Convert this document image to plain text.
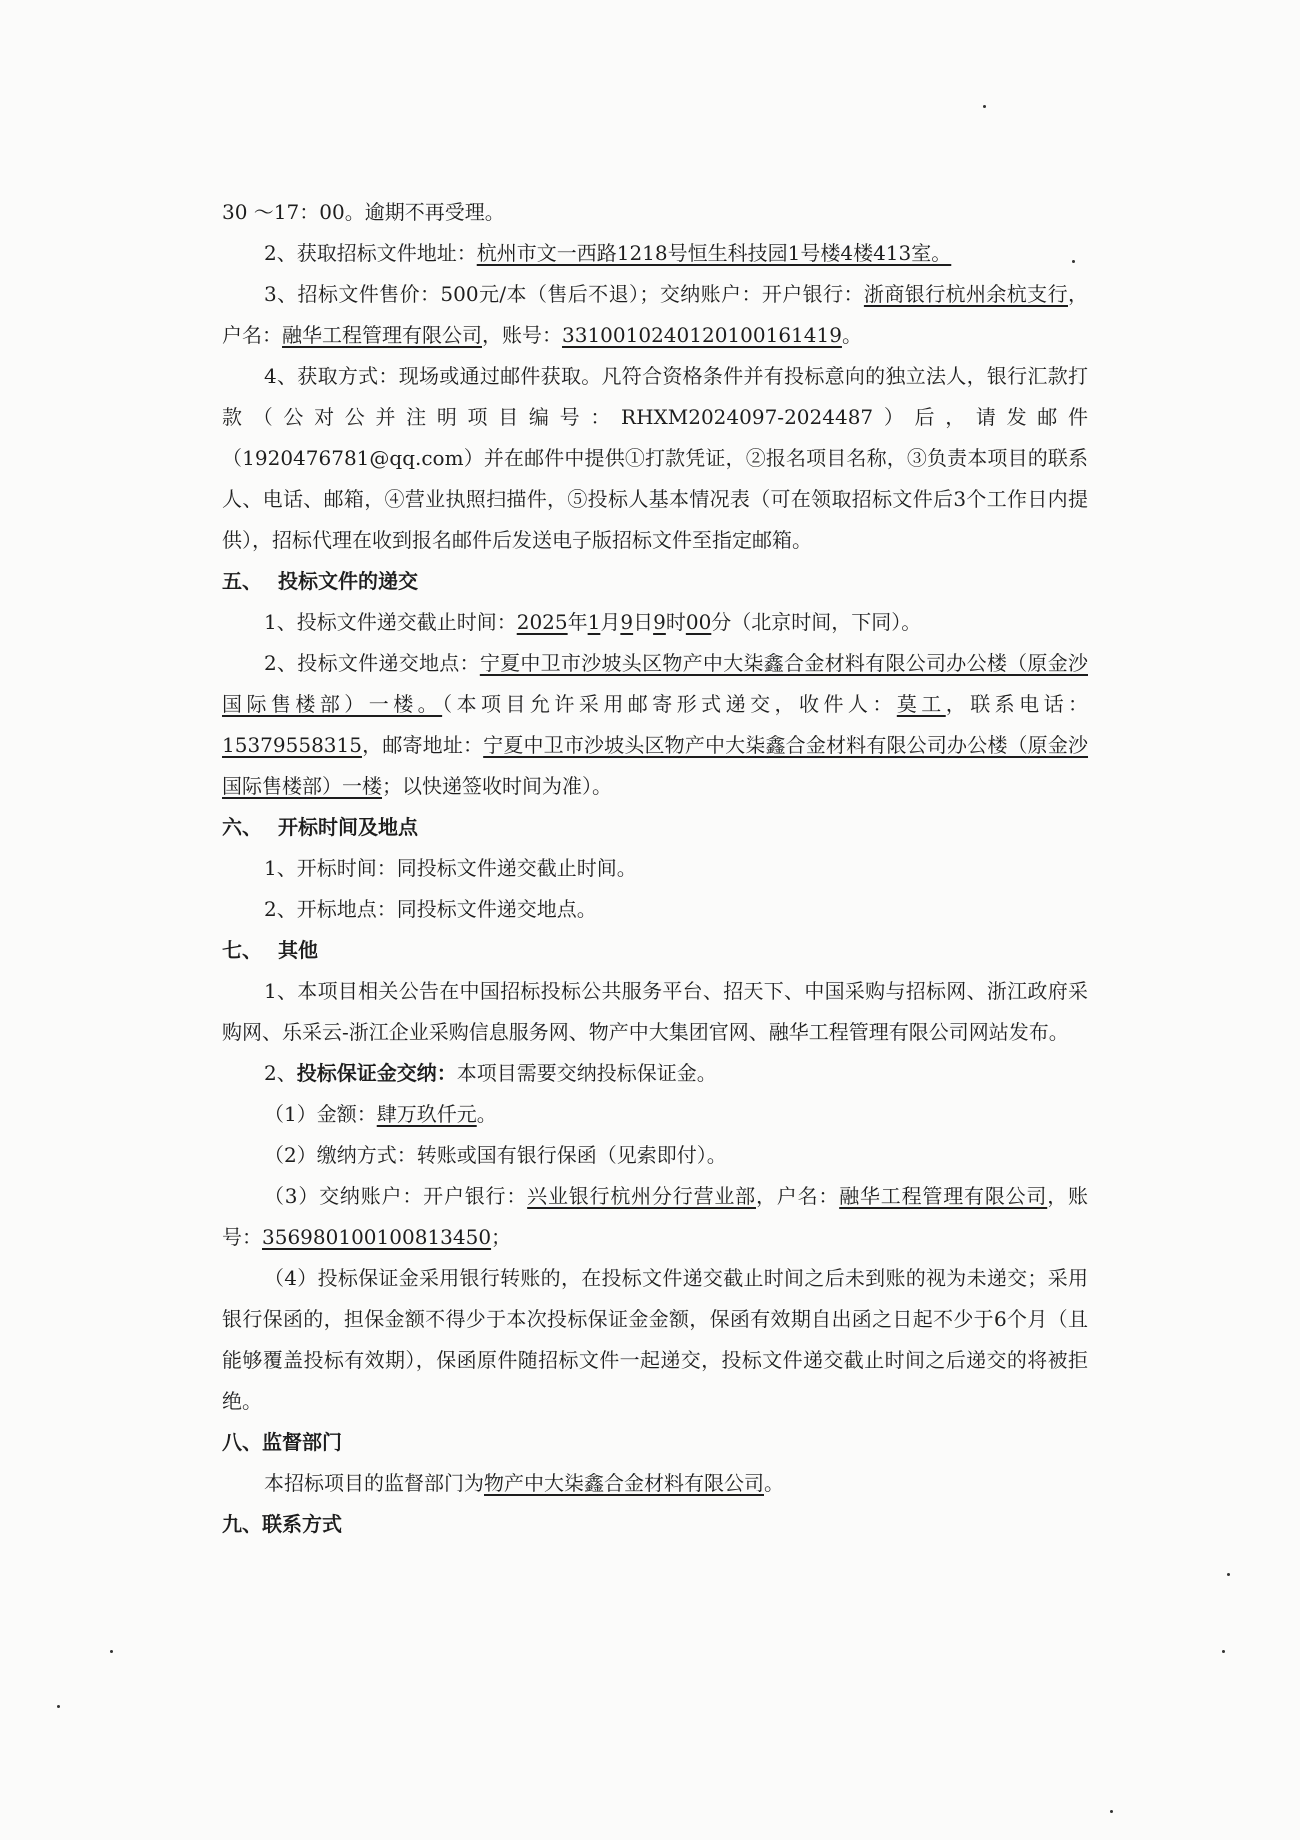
30 ～17：00。逾期不再受理。

2、获取招标文件地址：杭州市文一西路1218号恒生科技园1号楼4楼413室。

3、招标文件售价：500元/本（售后不退）；交纳账户：开户银行：浙商银行杭州余杭支行，户名：融华工程管理有限公司，账号：3310010240120100161419。

4、获取方式：现场或通过邮件获取。凡符合资格条件并有投标意向的独立法人，银行汇款打款（公对公并注明项目编号：RHXM2024097-2024487）后，请发邮件（1920476781@qq.com）并在邮件中提供①打款凭证，②报名项目名称，③负责本项目的联系人、电话、邮箱，④营业执照扫描件，⑤投标人基本情况表（可在领取招标文件后3个工作日内提供），招标代理在收到报名邮件后发送电子版招标文件至指定邮箱。

五、 投标文件的递交

1、投标文件递交截止时间：2025年1月9日9时00分（北京时间，下同）。

2、投标文件递交地点：宁夏中卫市沙坡头区物产中大柒鑫合金材料有限公司办公楼（原金沙国际售楼部）一楼。（本项目允许采用邮寄形式递交，收件人：莫工，联系电话：15379558315，邮寄地址：宁夏中卫市沙坡头区物产中大柒鑫合金材料有限公司办公楼（原金沙国际售楼部）一楼；以快递签收时间为准）。

六、 开标时间及地点

1、开标时间：同投标文件递交截止时间。

2、开标地点：同投标文件递交地点。

七、 其他

1、本项目相关公告在中国招标投标公共服务平台、招天下、中国采购与招标网、浙江政府采购网、乐采云-浙江企业采购信息服务网、物产中大集团官网、融华工程管理有限公司网站发布。

2、投标保证金交纳：本项目需要交纳投标保证金。

（1）金额：肆万玖仟元。

（2）缴纳方式：转账或国有银行保函（见索即付）。

（3）交纳账户：开户银行：兴业银行杭州分行营业部，户名：融华工程管理有限公司，账号：356980100100813450；

（4）投标保证金采用银行转账的，在投标文件递交截止时间之后未到账的视为未递交；采用银行保函的，担保金额不得少于本次投标保证金金额，保函有效期自出函之日起不少于6个月（且能够覆盖投标有效期），保函原件随招标文件一起递交，投标文件递交截止时间之后递交的将被拒绝。

八、监督部门

本招标项目的监督部门为物产中大柒鑫合金材料有限公司。

九、联系方式
